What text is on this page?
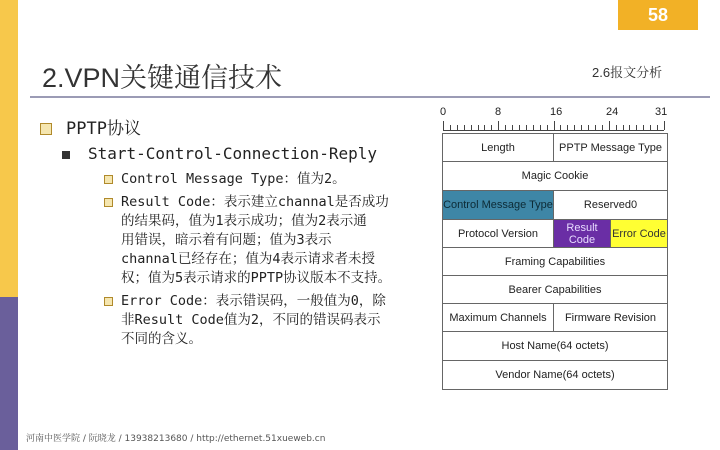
58
2.VPN关键通信技术	2.6报文分析
PPTP协议
Start-Control-Connection-Reply
Control Message Type：值为2。
Result Code：表示建立channal是否成功
的结果码，值为1表示成功；值为2表示通
用错误，暗示着有问题；值为3表示
channal已经存在；值为4表示请求者未授
权；值为5表示请求的PPTP协议版本不支持。
Error Code：表示错误码，一般值为0，除
非Result Code值为2，不同的错误码表示
不同的含义。
河南中医学院 / 阮晓龙 / 13938213680 / http://ethernet.51xueweb.cn
0	8	16	24	31
Length	PPTP Message Type
Magic Cookie
Control Message Type	Reserved0
Protocol Version	Result Code	Error Code
Framing Capabilities
Bearer Capabilities
Maximum Channels	Firmware Revision
Host Name(64 octets)
Vendor Name(64 octets)
